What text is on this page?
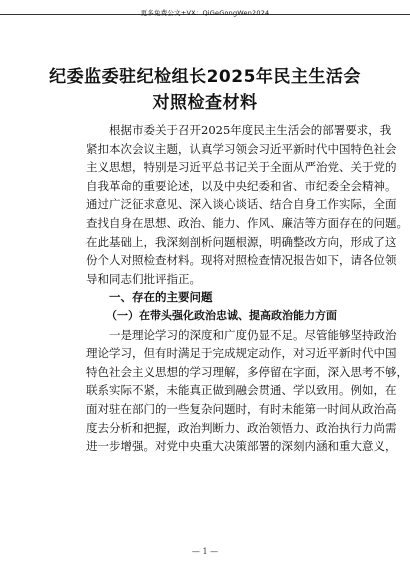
更多免费公文+VX：QiGeGongWen2024
纪委监委驻纪检组长2025年民主生活会
对照检查材料
根据市委关于召开2025年度民主生活会的部署要求，我
紧扣本次会议主题，认真学习领会习近平新时代中国特色社会
主义思想，特别是习近平总书记关于全面从严治党、关于党的
自我革命的重要论述，以及中央纪委和省、市纪委全会精神。
通过广泛征求意见、深入谈心谈话、结合自身工作实际，全面
查找自身在思想、政治、能力、作风、廉洁等方面存在的问题。
在此基础上，我深刻剖析问题根源，明确整改方向，形成了这
份个人对照检查材料。现将对照检查情况报告如下，请各位领
导和同志们批评指正。
一、存在的主要问题
（一）在带头强化政治忠诚、提高政治能力方面
一是理论学习的深度和广度仍显不足。尽管能够坚持政治
理论学习，但有时满足于完成规定动作，对习近平新时代中国
特色社会主义思想的学习理解，多停留在字面，深入思考不够，
联系实际不紧，未能真正做到融会贯通、学以致用。例如，在
面对驻在部门的一些复杂问题时，有时未能第一时间从政治高
度去分析和把握，政治判断力、政治领悟力、政治执行力尚需
进一步增强。对党中央重大决策部署的深刻内涵和重大意义，
— 1 —
